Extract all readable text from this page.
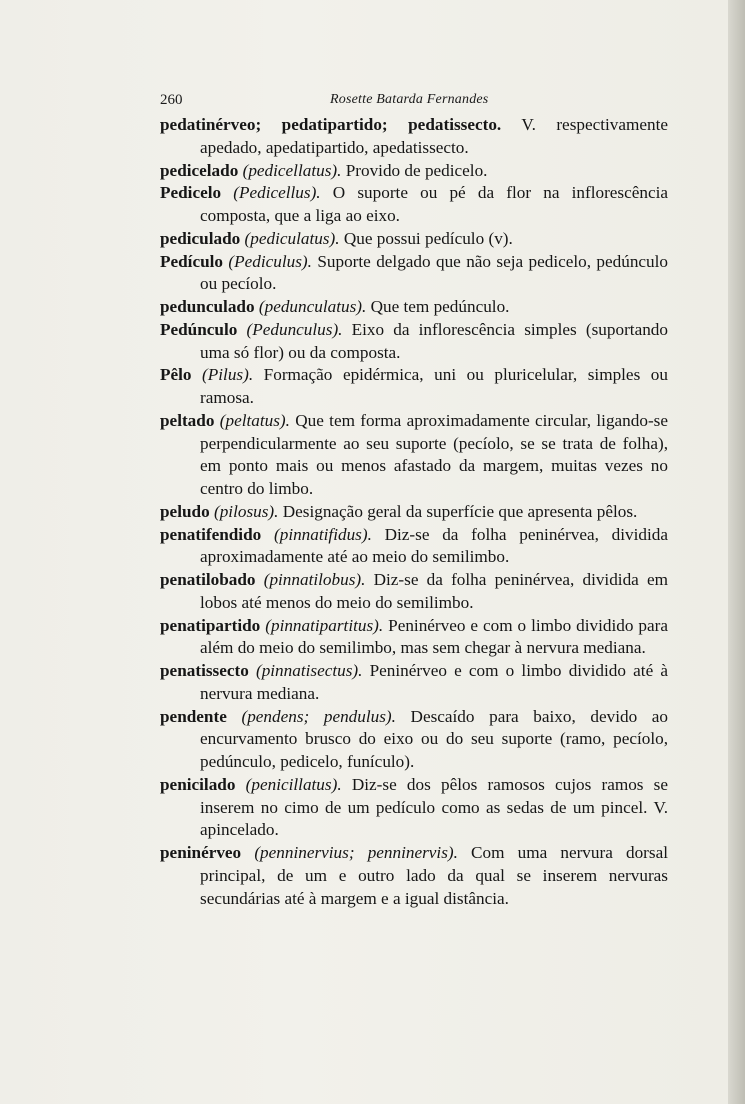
260	Rosette Batarda Fernandes

pedatinérveo; pedatipartido; pedatissecto. V. respectivamente apedado, apedatipartido, apedatissecto.

pedicelado (pedicellatus). Provido de pedicelo.

Pedicelo (Pedicellus). O suporte ou pé da flor na inflorescência composta, que a liga ao eixo.

pediculado (pediculatus). Que possui pedículo (v).

Pedículo (Pediculus). Suporte delgado que não seja pedicelo, pedúnculo ou pecíolo.

pedunculado (pedunculatus). Que tem pedúnculo.

Pedúnculo (Pedunculus). Eixo da inflorescência simples (suportando uma só flor) ou da composta.

Pêlo (Pilus). Formação epidérmica, uni ou pluricelular, simples ou ramosa.

peltado (peltatus). Que tem forma aproximadamente circular, ligando-se perpendicularmente ao seu suporte (pecíolo, se se trata de folha), em ponto mais ou menos afastado da margem, muitas vezes no centro do limbo.

peludo (pilosus). Designação geral da superfície que apresenta pêlos.

penatifendido (pinnatifidus). Diz-se da folha peninérvea, dividida aproximadamente até ao meio do semilimbo.

penatilobado (pinnatilobus). Diz-se da folha peninérvea, dividida em lobos até menos do meio do semilimbo.

penatipartido (pinnatipartitus). Peninérveo e com o limbo dividido para além do meio do semilimbo, mas sem chegar à nervura mediana.

penatissecto (pinnatisectus). Peninérveo e com o limbo dividido até à nervura mediana.

pendente (pendens; pendulus). Descaído para baixo, devido ao encurvamento brusco do eixo ou do seu suporte (ramo, pecíolo, pedúnculo, pedicelo, funículo).

penicilado (penicillatus). Diz-se dos pêlos ramosos cujos ramos se inserem no cimo de um pedículo como as sedas de um pincel. V. apincelado.

peninérveo (penninervius; penninervis). Com uma nervura dorsal principal, de um e outro lado da qual se inserem nervuras secundárias até à margem e a igual distância.
